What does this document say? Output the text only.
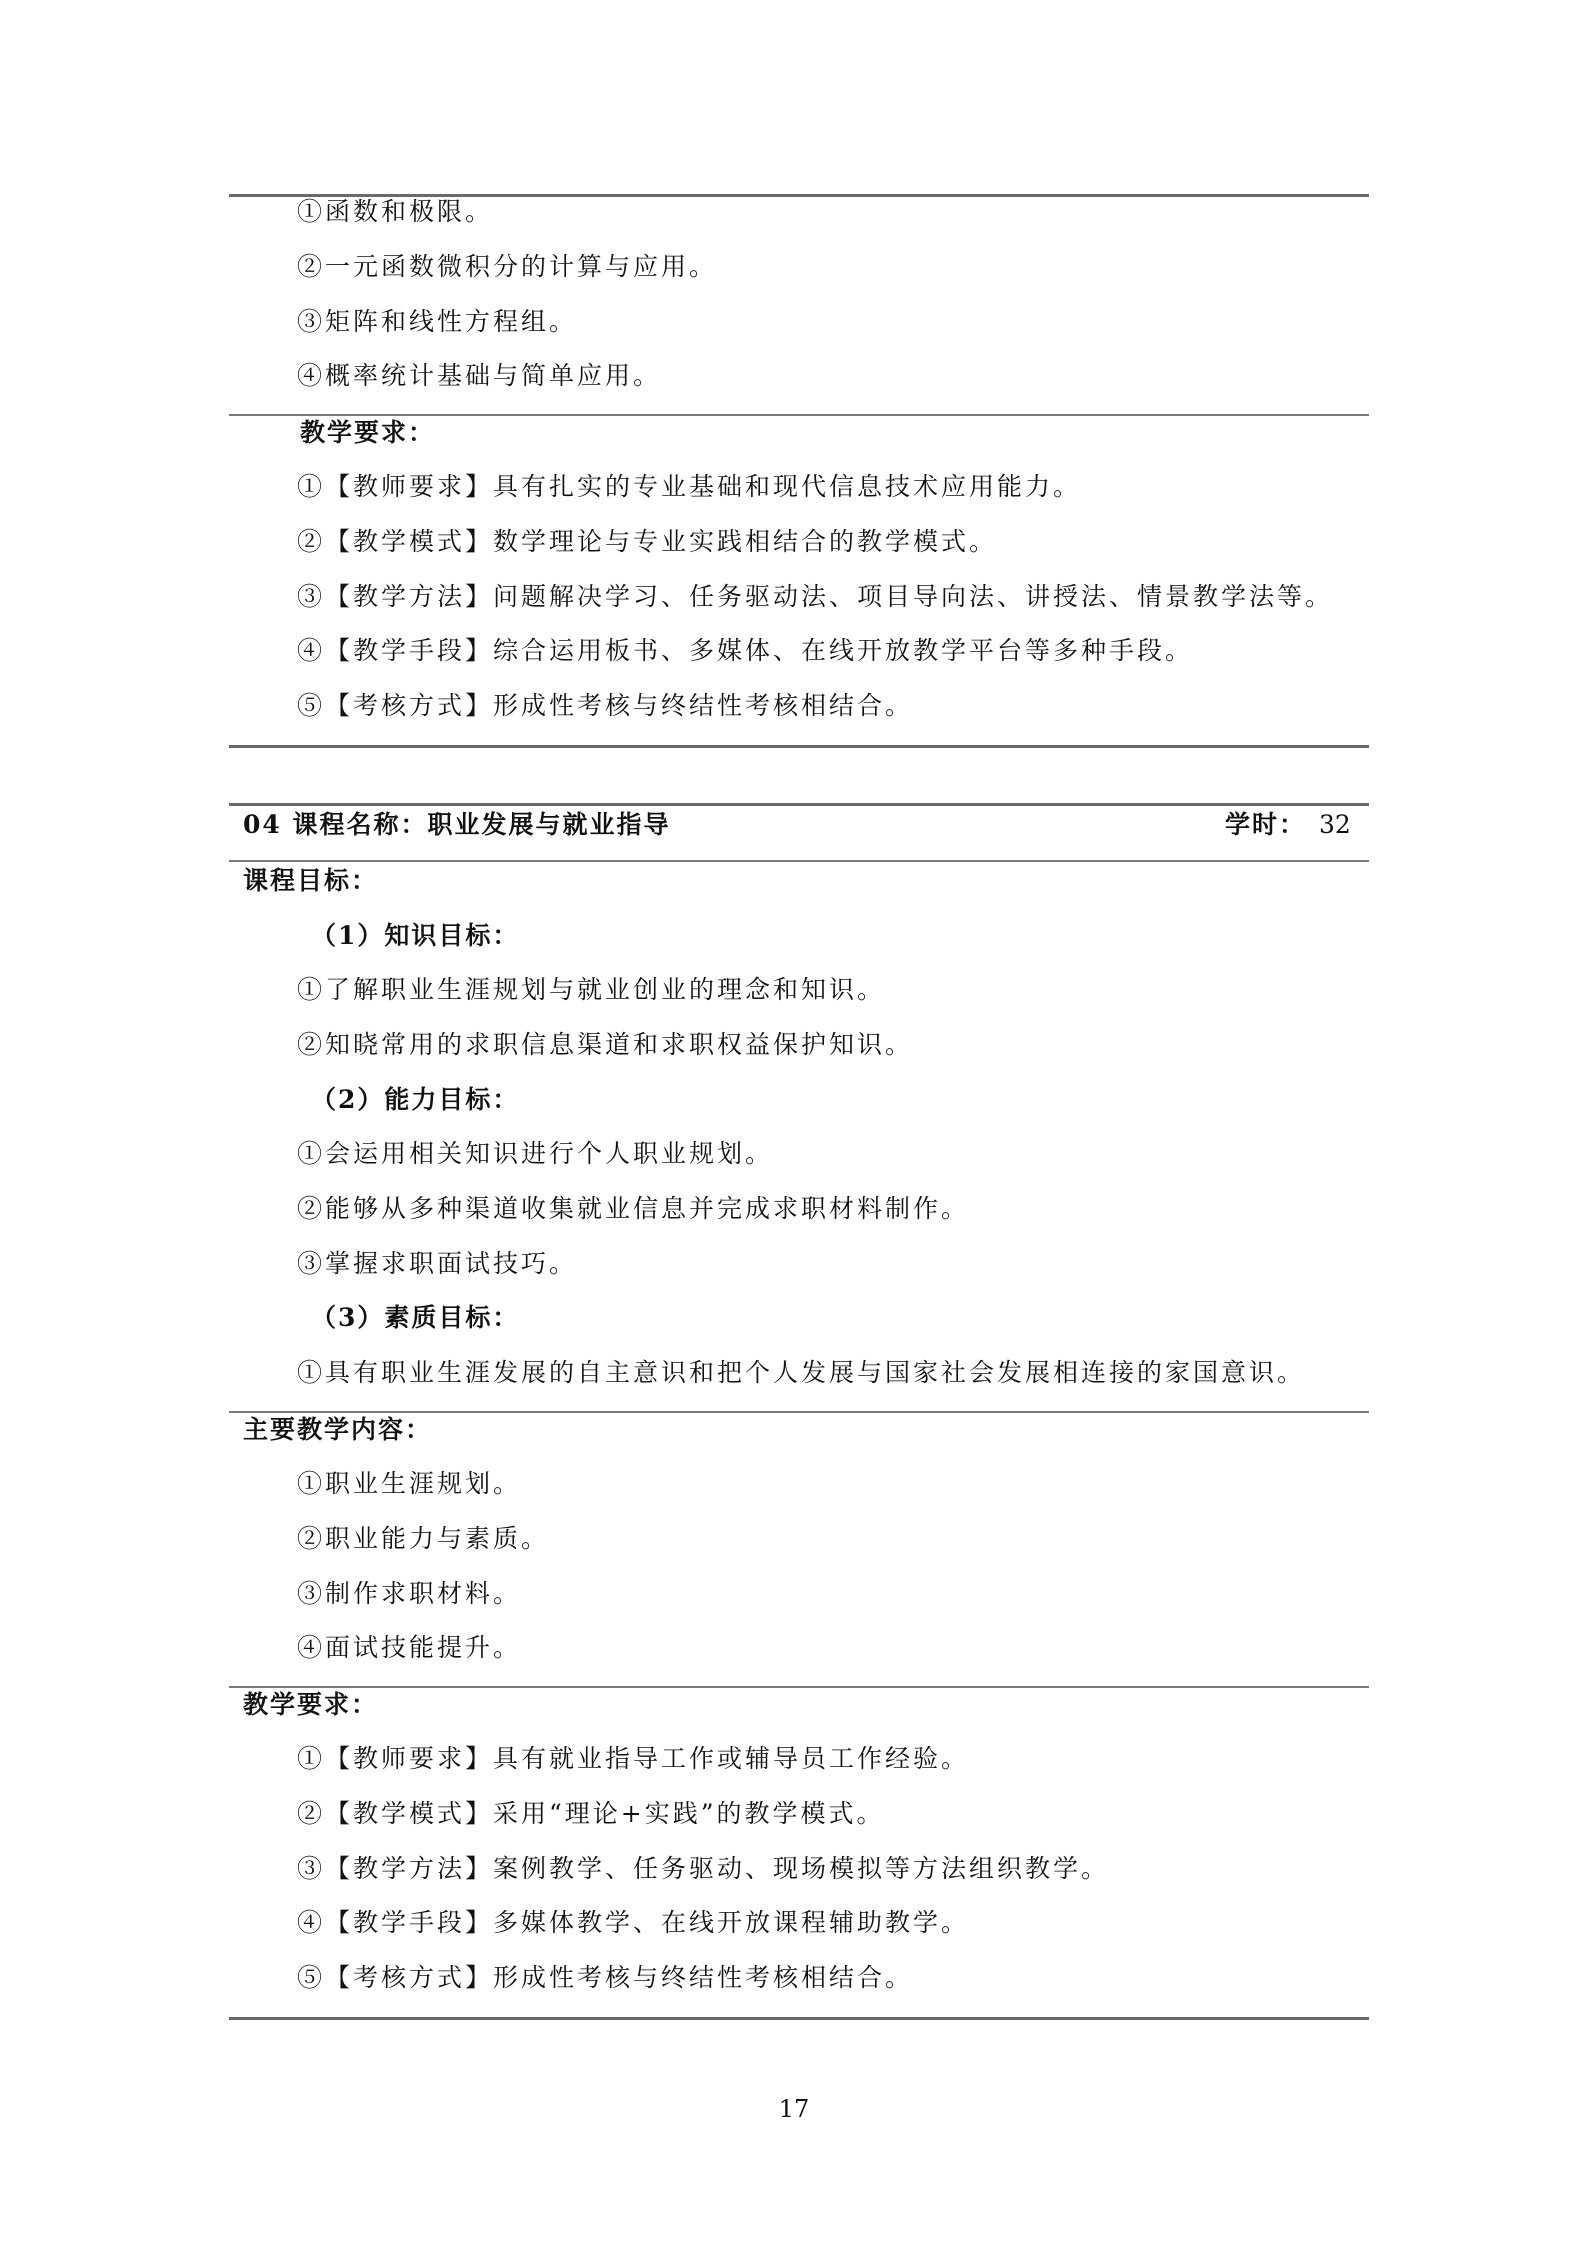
①函数和极限。
②一元函数微积分的计算与应用。
③矩阵和线性方程组。
④概率统计基础与简单应用。
教学要求：
①【教师要求】具有扎实的专业基础和现代信息技术应用能力。
②【教学模式】数学理论与专业实践相结合的教学模式。
③【教学方法】问题解决学习、任务驱动法、项目导向法、讲授法、情景教学法等。
④【教学手段】综合运用板书、多媒体、在线开放教学平台等多种手段。
⑤【考核方式】形成性考核与终结性考核相结合。
04 课程名称：职业发展与就业指导	学时： 32
课程目标：
（1）知识目标：
①了解职业生涯规划与就业创业的理念和知识。
②知晓常用的求职信息渠道和求职权益保护知识。
（2）能力目标：
①会运用相关知识进行个人职业规划。
②能够从多种渠道收集就业信息并完成求职材料制作。
③掌握求职面试技巧。
（3）素质目标：
①具有职业生涯发展的自主意识和把个人发展与国家社会发展相连接的家国意识。
主要教学内容：
①职业生涯规划。
②职业能力与素质。
③制作求职材料。
④面试技能提升。
教学要求：
①【教师要求】具有就业指导工作或辅导员工作经验。
②【教学模式】采用“理论+实践”的教学模式。
③【教学方法】案例教学、任务驱动、现场模拟等方法组织教学。
④【教学手段】多媒体教学、在线开放课程辅助教学。
⑤【考核方式】形成性考核与终结性考核相结合。
17
